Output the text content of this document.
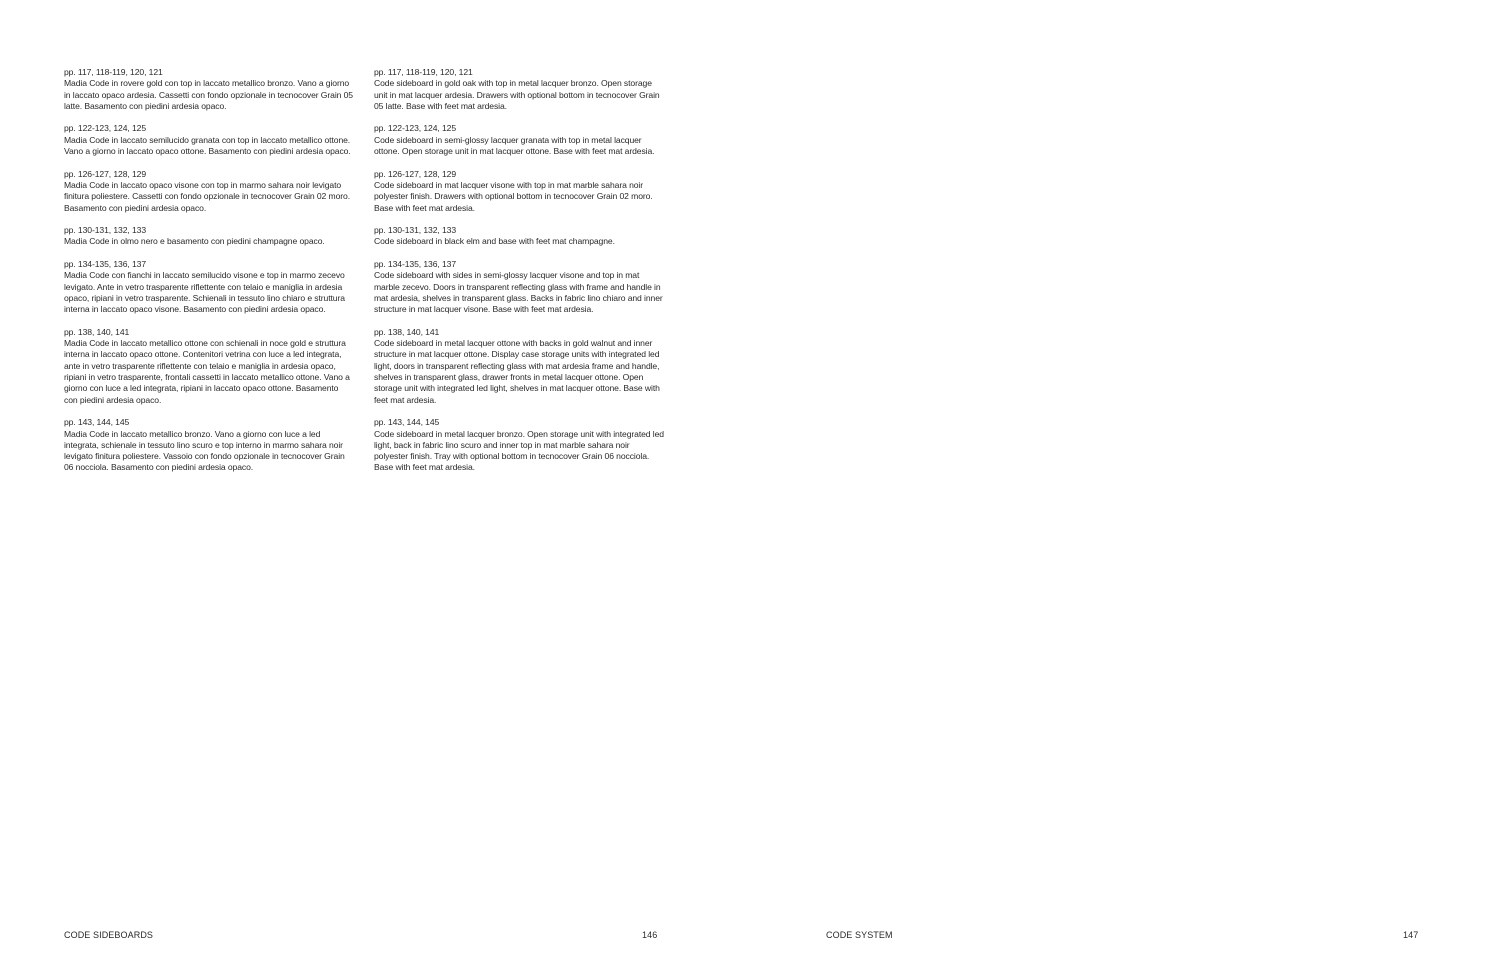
pp. 117, 118-119, 120, 121
Madia Code in rovere gold con top in laccato metallico bronzo. Vano a giorno in laccato opaco ardesia. Cassetti con fondo opzionale in tecnocover Grain 05 latte. Basamento con piedini ardesia opaco.
pp. 122-123, 124, 125
Madia Code in laccato semilucido granata con top in laccato metallico ottone. Vano a giorno in laccato opaco ottone. Basamento con piedini ardesia opaco.
pp. 126-127, 128, 129
Madia Code in laccato opaco visone con top in marmo sahara noir levigato finitura poliestere. Cassetti con fondo opzionale in tecnocover Grain 02 moro. Basamento con piedini ardesia opaco.
pp. 130-131, 132, 133
Madia Code in olmo nero e basamento con piedini champagne opaco.
pp. 134-135, 136, 137
Madia Code con fianchi in laccato semilucido visone e top in marmo zecevo levigato. Ante in vetro trasparente riflettente con telaio e maniglia in ardesia opaco, ripiani in vetro trasparente. Schienali in tessuto lino chiaro e struttura interna in laccato opaco visone. Basamento con piedini ardesia opaco.
pp. 138, 140, 141
Madia Code in laccato metallico ottone con schienali in noce gold e struttura interna in laccato opaco ottone. Contenitori vetrina con luce a led integrata, ante in vetro trasparente riflettente con telaio e maniglia in ardesia opaco, ripiani in vetro trasparente, frontali cassetti in laccato metallico ottone. Vano a giorno con luce a led integrata, ripiani in laccato opaco ottone. Basamento con piedini ardesia opaco.
pp. 143, 144, 145
Madia Code in laccato metallico bronzo. Vano a giorno con luce a led integrata, schienale in tessuto lino scuro e top interno in marmo sahara noir levigato finitura poliestere. Vassoio con fondo opzionale in tecnocover Grain 06 nocciola. Basamento con piedini ardesia opaco.
pp. 117, 118-119, 120, 121
Code sideboard in gold oak with top in metal lacquer bronzo. Open storage unit in mat lacquer ardesia. Drawers with optional bottom in tecnocover Grain 05 latte. Base with feet mat ardesia.
pp. 122-123, 124, 125
Code sideboard in semi-glossy lacquer granata with top in metal lacquer ottone. Open storage unit in mat lacquer ottone. Base with feet mat ardesia.
pp. 126-127, 128, 129
Code sideboard in mat lacquer visone with top in mat marble sahara noir polyester finish. Drawers with optional bottom in tecnocover Grain 02 moro. Base with feet mat ardesia.
pp. 130-131, 132, 133
Code sideboard in black elm and base with feet mat champagne.
pp. 134-135, 136, 137
Code sideboard with sides in semi-glossy lacquer visone and top in mat marble zecevo. Doors in transparent reflecting glass with frame and handle in mat ardesia, shelves in transparent glass. Backs in fabric lino chiaro and inner structure in mat lacquer visone. Base with feet mat ardesia.
pp. 138, 140, 141
Code sideboard in metal lacquer ottone with backs in gold walnut and inner structure in mat lacquer ottone. Display case storage units with integrated led light, doors in transparent reflecting glass with mat ardesia frame and handle, shelves in transparent glass, drawer fronts in metal lacquer ottone. Open storage unit with integrated led light, shelves in mat lacquer ottone. Base with feet mat ardesia.
pp. 143, 144, 145
Code sideboard in metal lacquer bronzo. Open storage unit with integrated led light, back in fabric lino scuro and inner top in mat marble sahara noir polyester finish. Tray with optional bottom in tecnocover Grain 06 nocciola. Base with feet mat ardesia.
CODE SIDEBOARDS	146	CODE SYSTEM	147
